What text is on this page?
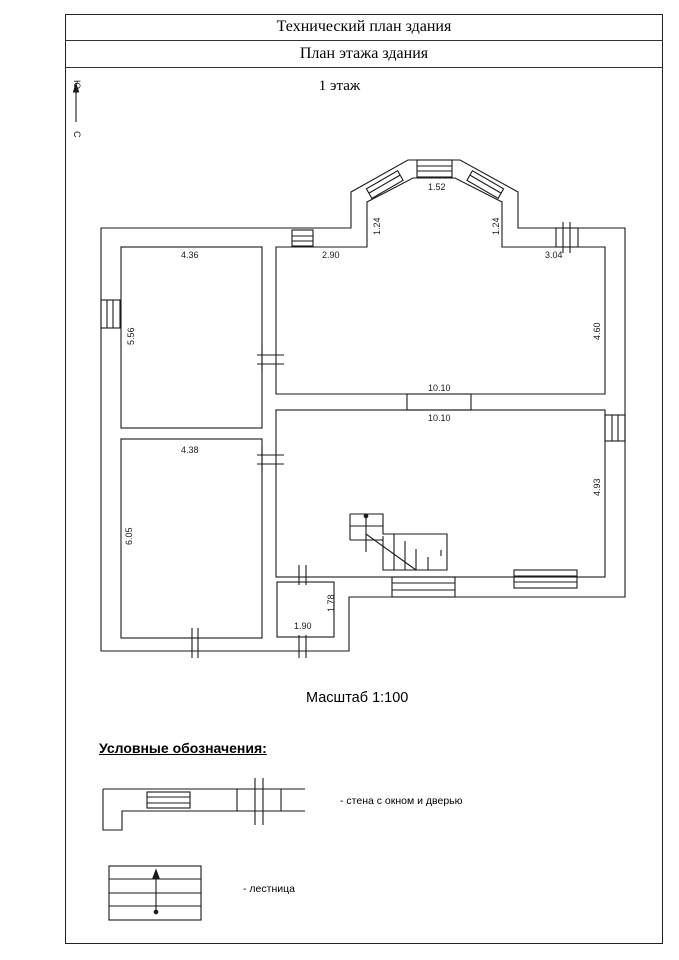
Технический план здания
План этажа здания
1 этаж
Ю
С
4.36
5.56
4.38
6.05
2.90	3.04
4.60
10.10
10.10
4.93
1.52
1.24	1.24
1.90
1.78
Масштаб 1:100
Условные обозначения:
- стена с окном и дверью
- лестница
